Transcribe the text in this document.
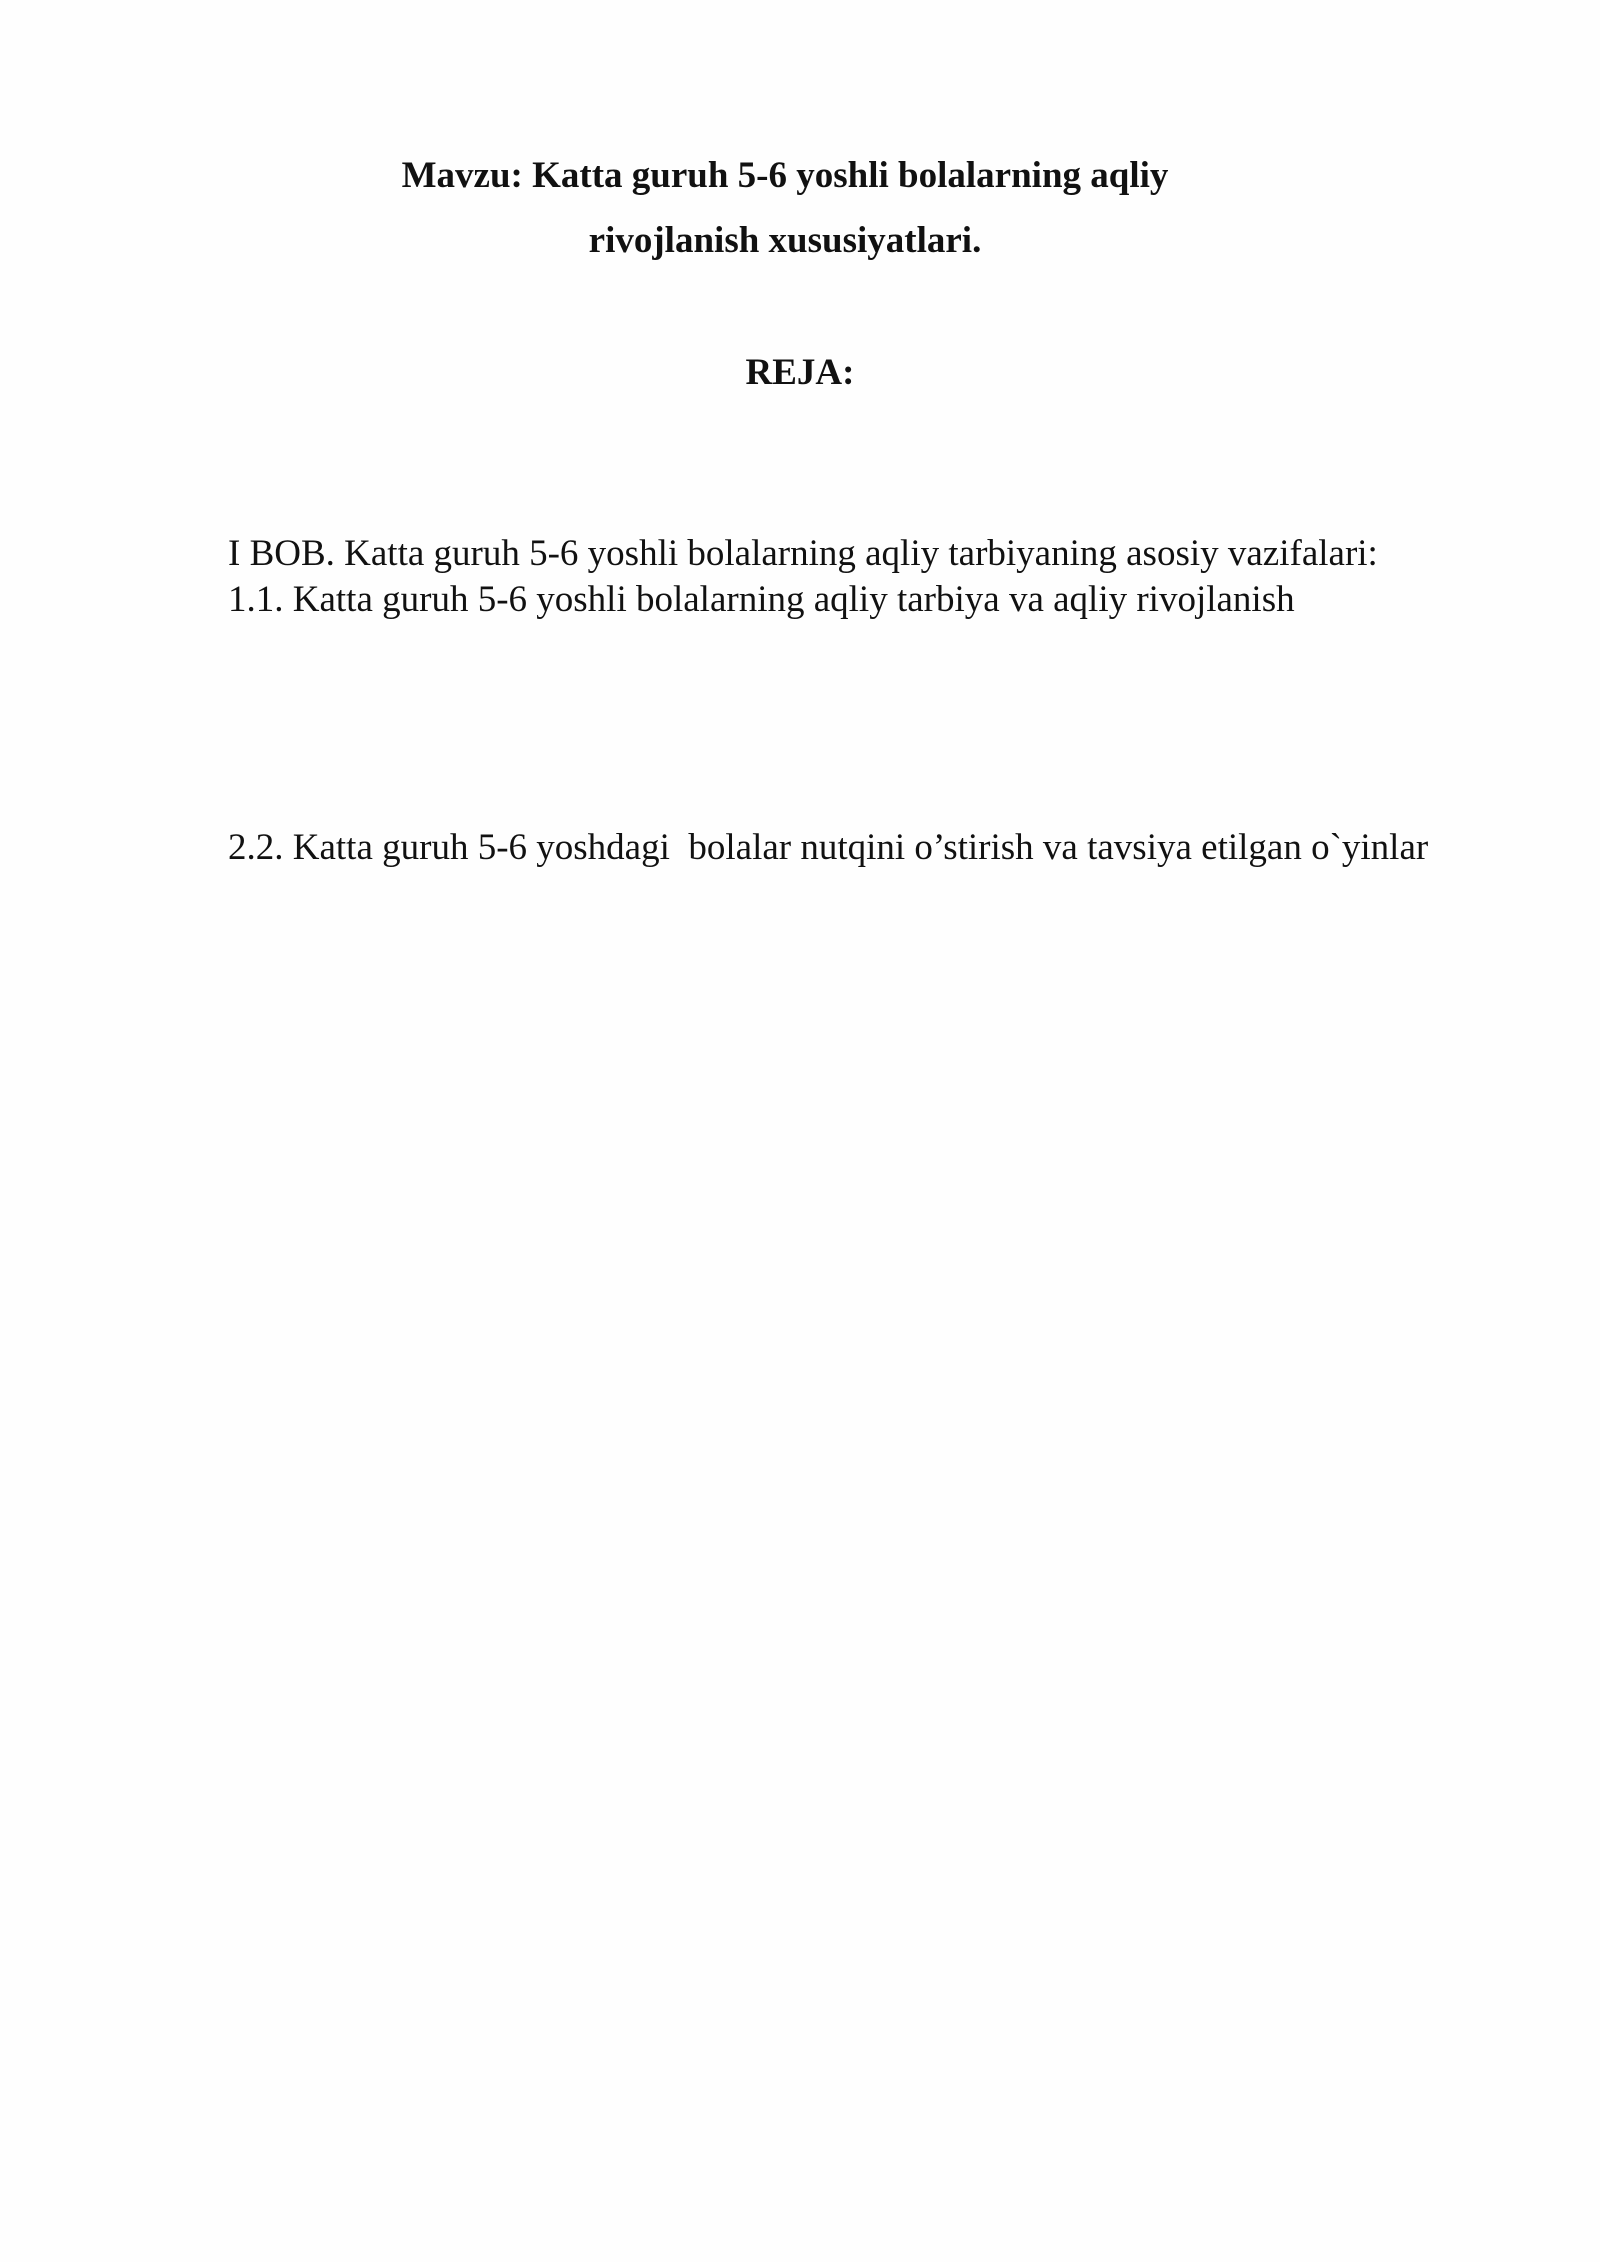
Mavzu: Katta guruh 5-6 yoshli bolalarning aqliy
rivojlanish xususiyatlari.
REJA:
I BOB. Katta guruh 5-6 yoshli bolalarning aqliy tarbiyaning asosiy vazifalari:
1.1. Katta guruh 5-6 yoshli bolalarning aqliy tarbiya va aqliy rivojlanish
2.2. Katta guruh 5-6 yoshdagi  bolalar nutqini o’stirish va tavsiya etilgan o`yinlar
